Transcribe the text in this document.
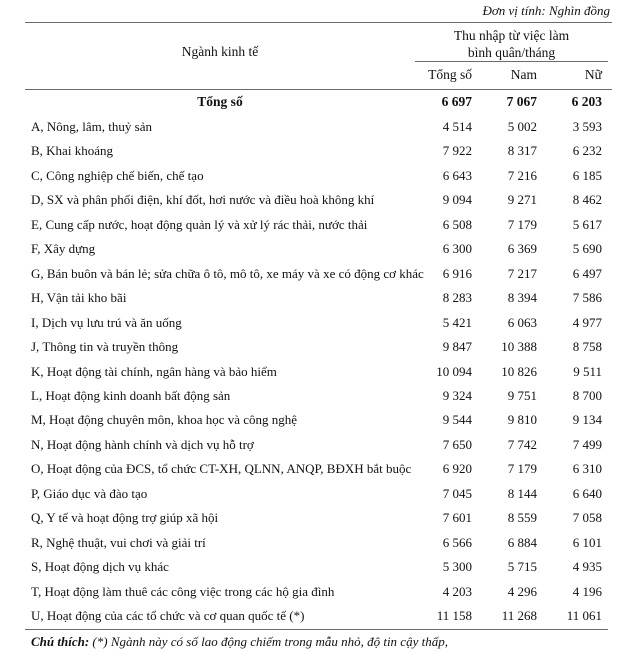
Đơn vị tính: Nghìn đồng
Ngành kinh tế
Thu nhập từ việc làm
bình quân/tháng
Tổng số	Nam	Nữ
Tổng số	6 697	7 067	6 203
A, Nông, lâm, thuỷ sản	4 514	5 002	3 593
B, Khai khoáng	7 922	8 317	6 232
C, Công nghiệp chế biến, chế tạo	6 643	7 216	6 185
D, SX và phân phối điện, khí đốt, hơi nước và điều hoà không khí	9 094	9 271	8 462
E, Cung cấp nước, hoạt động quản lý và xử lý rác thải, nước thải	6 508	7 179	5 617
F, Xây dựng	6 300	6 369	5 690
G, Bán buôn và bán lẻ; sửa chữa ô tô, mô tô, xe máy và xe có động cơ khác	6 916	7 217	6 497
H, Vận tải kho bãi	8 283	8 394	7 586
I, Dịch vụ lưu trú và ăn uống	5 421	6 063	4 977
J, Thông tin và truyền thông	9 847	10 388	8 758
K, Hoạt động tài chính, ngân hàng và bảo hiểm	10 094	10 826	9 511
L, Hoạt động kinh doanh bất động sản	9 324	9 751	8 700
M, Hoạt động chuyên môn, khoa học và công nghệ	9 544	9 810	9 134
N, Hoạt động hành chính và dịch vụ hỗ trợ	7 650	7 742	7 499
O, Hoạt động của ĐCS, tổ chức CT-XH, QLNN, ANQP, BĐXH bắt buộc	6 920	7 179	6 310
P, Giáo dục và đào tạo	7 045	8 144	6 640
Q, Y tế và hoạt động trợ giúp xã hội	7 601	8 559	7 058
R, Nghệ thuật, vui chơi và giải trí	6 566	6 884	6 101
S, Hoạt động dịch vụ khác	5 300	5 715	4 935
T, Hoạt động làm thuê các công việc trong các hộ gia đình	4 203	4 296	4 196
U, Hoạt động của các tổ chức và cơ quan quốc tế (*)	11 158	11 268	11 061
Chú thích: (*) Ngành này có số lao động chiếm trong mẫu nhỏ, độ tin cậy thấp,
